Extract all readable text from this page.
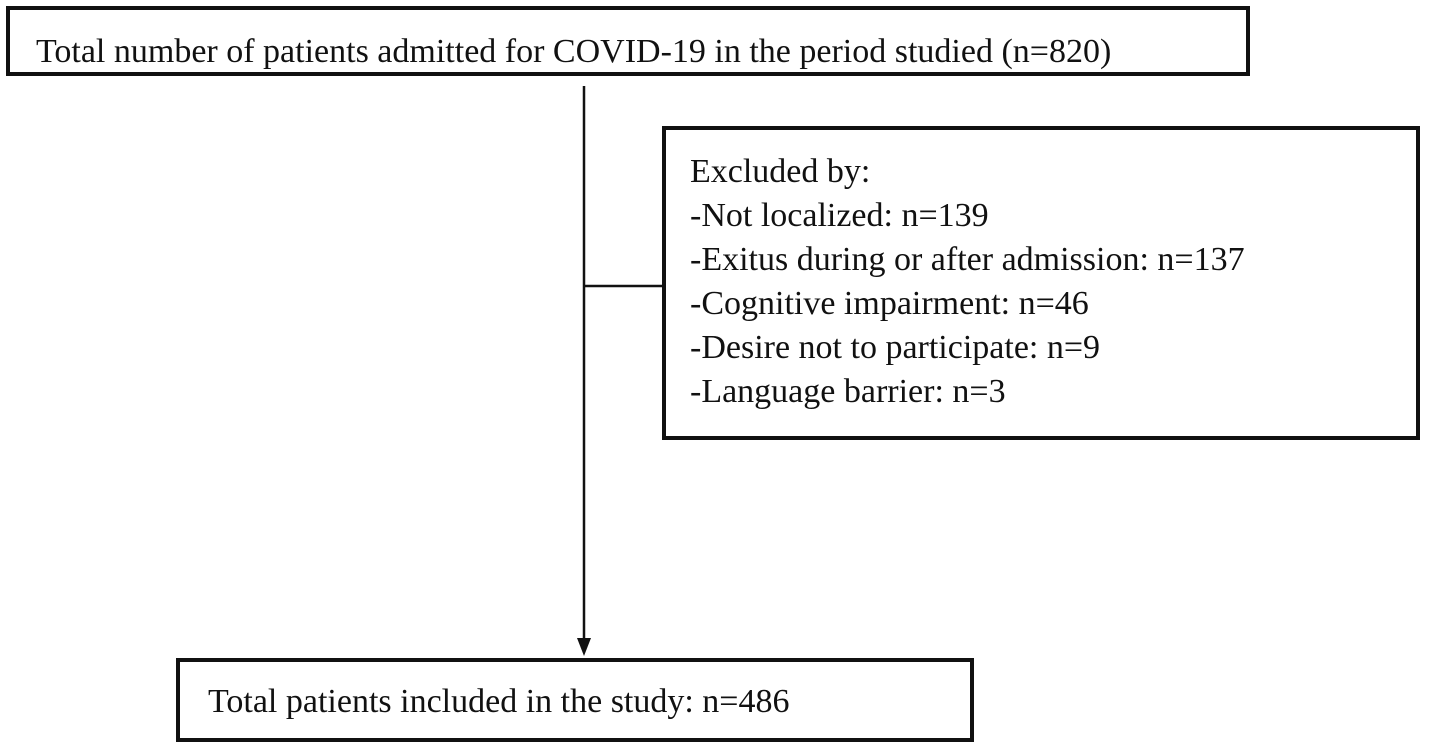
Total number of patients admitted for COVID-19 in the period studied (n=820)
Excluded by:
-Not localized: n=139
-Exitus during or after admission: n=137
-Cognitive impairment: n=46
-Desire not to participate: n=9
-Language barrier: n=3
Total patients included in the study: n=486
